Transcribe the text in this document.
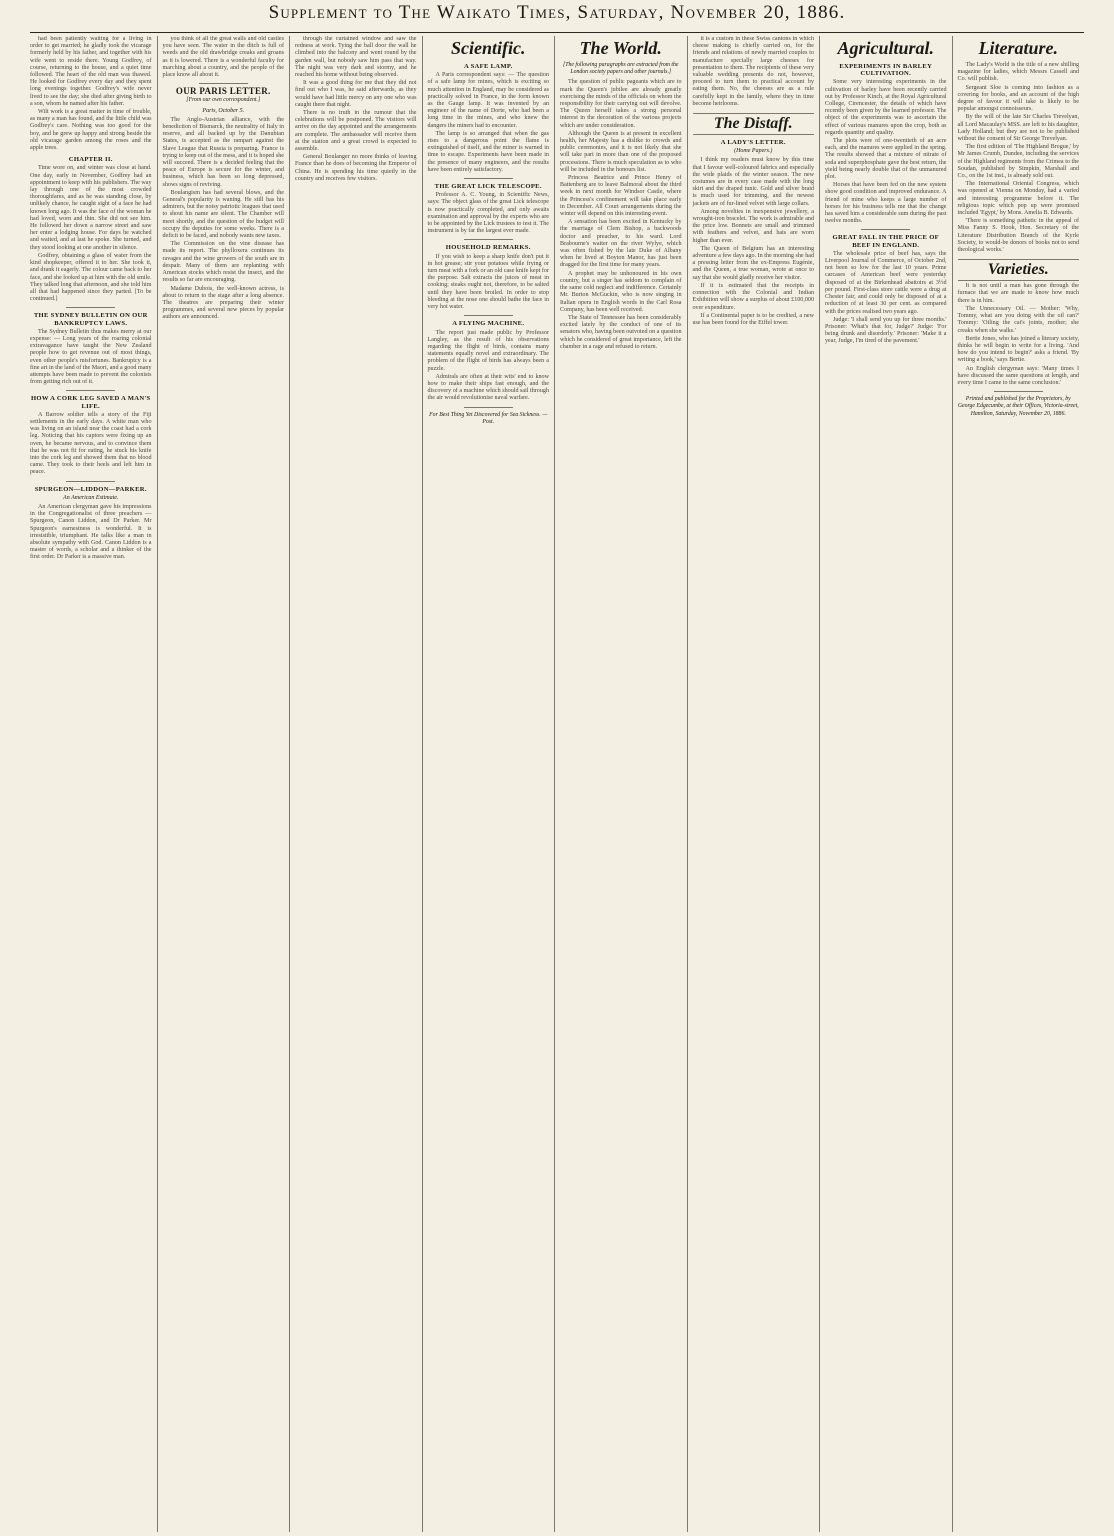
Supplement to The Waikato Times, Saturday, November 20, 1886.

had been patiently waiting for a living in order to get married; he gladly took the vicarage formerly held by his father, and together with his wife went to reside there. Young Godfrey, of course, returning to the house, and a quiet time followed. The heart of the old man was thawed. He looked for Godfrey every day and they spent long evenings together. Godfrey's wife never lived to see the day; she died after giving birth to a son, whom he named after his father.

Wilt work is a great matter in time of trouble, as many a man has found, and the little child was Godfrey's care. Nothing was too good for the boy, and he grew up happy and strong beside the old vicarage garden among the roses and the apple trees.

CHAPTER II.

Time wore on, and winter was close at hand. One day, early in November, Godfrey had an appointment to keep with his publishers. The way lay through one of the most crowded thoroughfares, and as he was standing close, by unlikely chance, he caught sight of a face he had known long ago. It was the face of the woman he had loved, worn and thin. She did not see him. He followed her down a narrow street and saw her enter a lodging house. For days he watched and waited, and at last he spoke. She turned, and they stood looking at one another in silence.

Godfrey, obtaining a glass of water from the kind shopkeeper, offered it to her. She took it, and drank it eagerly. The colour came back to her face, and she looked up at him with the old smile. They talked long that afternoon, and she told him all that had happened since they parted. [To be continued.]

THE SYDNEY BULLETIN ON OUR BANKRUPTCY LAWS.

The Sydney Bulletin thus makes merry at our expense: — Long years of the roaring colonial extravagance have taught the New Zealand people how to get revenue out of most things, even other people's misfortunes. Bankruptcy is a fine art in the land of the Maori, and a good many attempts have been made to prevent the colonists from getting rich out of it.

HOW A CORK LEG SAVED A MAN'S LIFE.

A Barrow soldier tells a story of the Fiji settlements in the early days. A white man who was living on an island near the coast had a cork leg. Noticing that his captors were fixing up an oven, he became nervous, and to convince them that he was not fit for eating, he stuck his knife into the cork leg and showed them that no blood came. They took to their heels and left him in peace.

SPURGEON—LIDDON—PARKER.
An American Estimate.

An American clergyman gave his impressions in the Congregationalist of three preachers — Spurgeon, Canon Liddon, and Dr Parker. Mr Spurgeon's earnestness is wonderful. It is irresistible, triumphant. He talks like a man in absolute sympathy with God. Canon Liddon is a master of words, a scholar and a thinker of the first order. Dr Parker is a massive man.

you think of all the great walls and old castles you have seen. The water in the ditch is full of weeds and the old drawbridge creaks and groans as it is lowered. There is a wonderful faculty for marching about a country, and the people of the place know all about it.

OUR PARIS LETTER.
[From our own correspondent.]
Paris, October 5.

The Anglo-Austrian alliance, with the benediction of Bismarck, the neutrality of Italy in reserve, and all backed up by the Danubian States, is accepted as the rampart against the Slave League that Russia is preparing. France is trying to keep out of the mess, and it is hoped she will succeed. There is a decided feeling that the peace of Europe is secure for the winter, and business, which has been so long depressed, shows signs of reviving.

Boulangism has had several blows, and the General's popularity is waning. He still has his admirers, but the noisy patriotic leagues that used to shout his name are silent. The Chamber will meet shortly, and the question of the budget will occupy the deputies for some weeks. There is a deficit to be faced, and nobody wants new taxes.

The Commission on the vine disease has made its report. The phylloxera continues its ravages and the wine growers of the south are in despair. Many of them are replanting with American stocks which resist the insect, and the results so far are encouraging.

Madame Dubois, the well-known actress, is about to return to the stage after a long absence. The theatres are preparing their winter programmes, and several new pieces by popular authors are announced.

through the curtained window and saw the redness at work. Tying the ball door the wall he climbed into the balcony and went round by the garden wall, but nobody saw him pass that way. The night was very dark and stormy, and he reached his home without being observed.

It was a good thing for me that they did not find out who I was, he said afterwards, as they would have had little mercy on any one who was caught there that night.

There is no truth in the rumour that the celebrations will be postponed. The visitors will arrive on the day appointed and the arrangements are complete. The ambassador will receive them at the station and a great crowd is expected to assemble.

General Boulanger no more thinks of leaving France than he does of becoming the Emperor of China. He is spending his time quietly in the country and receives few visitors.

Scientific.
A SAFE LAMP.

A Paris correspondent says: — The question of a safe lamp for mines, which is exciting so much attention in England, may be considered as practically solved in France, in the form known as the Gauge lamp. It was invented by an engineer of the name of Dorte, who had been a long time in the mines, and who knew the dangers the miners had to encounter.

The lamp is so arranged that when the gas rises to a dangerous point the flame is extinguished of itself, and the miner is warned in time to escape. Experiments have been made in the presence of many engineers, and the results have been entirely satisfactory.

THE GREAT LICK TELESCOPE.

Professor A. C. Young, in Scientific News, says: The object glass of the great Lick telescope is now practically completed, and only awaits examination and approval by the experts who are to be appointed by the Lick trustees to test it. The instrument is by far the largest ever made.

HOUSEHOLD REMARKS.

If you wish to keep a sharp knife don't put it in hot grease; stir your potatoes while frying or turn meat with a fork or an old case knife kept for the purpose. Salt extracts the juices of meat in cooking; steaks ought not, therefore, to be salted until they have been broiled. In order to stop bleeding at the nose one should bathe the face in very hot water.

A FLYING MACHINE.

The report just made public by Professor Langley, as the result of his observations regarding the flight of birds, contains many statements equally novel and extraordinary. The problem of the flight of birds has always been a puzzle.

Admirals are often at their wits' end to know how to make their ships fast enough, and the discovery of a machine which should sail through the air would revolutionise naval warfare.

For Best Thing Yet Discovered for Sea Sickness. — Post.
The World.
[The following paragraphs are extracted from the London society papers and other journals.]

The question of public pageants which are to mark the Queen's jubilee are already greatly exercising the minds of the officials on whom the responsibility for their carrying out will devolve. The Queen herself takes a strong personal interest in the decoration of the various projects which are under consideration.

Although the Queen is at present in excellent health, her Majesty has a dislike to crowds and public ceremonies, and it is not likely that she will take part in more than one of the proposed processions. There is much speculation as to who will be included in the honours list.

Princess Beatrice and Prince Henry of Battenberg are to leave Balmoral about the third week in next month for Windsor Castle, where the Princess's confinement will take place early in December. All Court arrangements during the winter will depend on this interesting event.

A sensation has been excited in Kentucky by the marriage of Clem Bishop, a backwoods doctor and preacher, to his ward. Lord Brabourne's waiter on the river Wylye, which was often fished by the late Duke of Albany when he lived at Boyton Manor, has just been dragged for the first time for many years.

A prophet may be unhonoured in his own country, but a singer has seldom to complain of the same cold neglect and indifference. Certainly Mr. Burton McGuckin, who is now singing in Italian opera in English words in the Carl Rosa Company, has been well received.

The State of Tennessee has been considerably excited lately by the conduct of one of its senators who, having been outvoted on a question which he considered of great importance, left the chamber in a rage and refused to return.

it is a custom in these Swiss cantons in which cheese making is chiefly carried on, for the friends and relations of newly married couples to manufacture specially large cheeses for presentation to them. The recipients of these very valuable wedding presents do not, however, proceed to turn them to practical account by eating them. No, the cheeses are as a rule carefully kept in the family, where they in time become heirlooms.

The Distaff.
A LADY'S LETTER.
(Home Papers.)

I think my readers must know by this time that I favour well-coloured fabrics and especially the wide plaids of the winter season. The new costumes are in every case made with the long skirt and the draped tunic. Gold and silver braid is much used for trimming, and the newest jackets are of fur-lined velvet with large collars.

Among novelties in inexpensive jewellery, a wrought-iron bracelet. The work is admirable and the price low. Bonnets are small and trimmed with feathers and velvet, and hats are worn higher than ever.

The Queen of Belgium has an interesting adventure a few days ago. In the morning she had a pressing letter from the ex-Empress Eugénie, and the Queen, a true woman, wrote at once to say that she would gladly receive her visitor.

If it is estimated that the receipts in connection with the Colonial and Indian Exhibition will show a surplus of about £100,000 over expenditure.

If a Continental paper is to be credited, a new use has been found for the Eiffel tower.

Agricultural.
EXPERIMENTS IN BARLEY CULTIVATION.

Some very interesting experiments in the cultivation of barley have been recently carried out by Professor Kinch, at the Royal Agricultural College, Cirencester, the details of which have recently been given by the learned professor. The object of the experiments was to ascertain the effect of various manures upon the crop, both as regards quantity and quality.

The plots were of one-twentieth of an acre each, and the manures were applied in the spring. The results showed that a mixture of nitrate of soda and superphosphate gave the best return, the yield being nearly double that of the unmanured plot.

Horses that have been fed on the new system show good condition and improved endurance. A friend of mine who keeps a large number of horses for his business tells me that the change has saved him a considerable sum during the past twelve months.

GREAT FALL IN THE PRICE OF BEEF IN ENGLAND.

The wholesale price of beef has, says the Liverpool Journal of Commerce, of October 2nd, not been so low for the last 10 years. Prime carcases of American beef were yesterday disposed of at the Birkenhead abattoirs at 3½d per pound. First-class store cattle were a drug at Chester fair, and could only be disposed of at a reduction of at least 30 per cent. as compared with the prices realised two years ago.

Judge: 'I shall send you up for three months.' Prisoner: 'What's that for, Judge?' Judge: 'For being drunk and disorderly.' Prisoner: 'Make it a year, Judge, I'm tired of the pavement.'

Literature.

The Lady's World is the title of a new shilling magazine for ladies, which Messrs Cassell and Co. will publish.

Sergeant Sloe is coming into fashion as a covering for books, and an account of the high degree of favour it will take is likely to be popular amongst connoisseurs.

By the will of the late Sir Charles Trevelyan, all Lord Macaulay's MSS. are left to his daughter, Lady Holland; but they are not to be published without the consent of Sir George Trevelyan.

The first edition of 'The Highland Brogue,' by Mr James Crumb, Dundee, including the services of the Highland regiments from the Crimea to the Soudan, published by Simpkin, Marshall and Co., on the 1st inst., is already sold out.

The International Oriental Congress, which was opened at Vienna on Monday, had a varied and interesting programme before it. The religious topic which pop up were promised included 'Egypt,' by Mons. Amelia B. Edwards.

'There is something pathetic in the appeal of Miss Fanny S. Hook, Hon. Secretary of the Literature Distribution Branch of the Kyrle Society, to would-be donors of books not to send theological works.'

Varieties.

It is not until a man has gone through the furnace that we are made to know how much there is in him.

The Unnecessary Oil. — Mother: 'Why, Tommy, what are you doing with the oil can?' Tommy: 'Oiling the cat's joints, mother; she creaks when she walks.'

Bertie Jones, who has joined a literary society, thinks he will begin to write for a living. 'And how do you intend to begin?' asks a friend. 'By writing a book,' says Bertie.

An English clergyman says: 'Many times I have discussed the same questions at length, and every time I came to the same conclusion.'

Printed and published for the Proprietors, by George Edgecumbe, at their Offices, Victoria-street, Hamilton, Saturday, November 20, 1886.
